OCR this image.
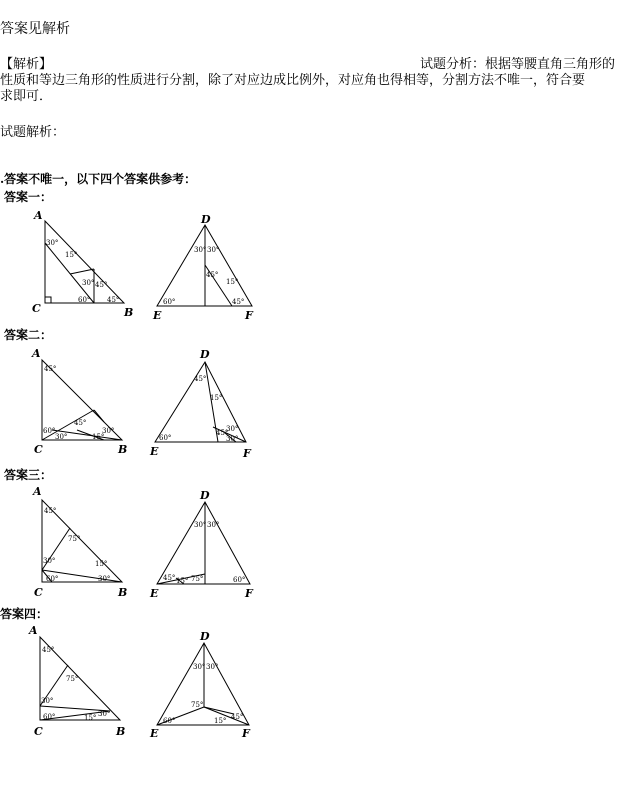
答案见解析
【解析】	试题分析：根据等腰直角三角形的
性质和等边三角形的性质进行分割，除了对应边成比例外，对应角也得相等，分割方法不唯一，符合要
求即可．
试题解析：
.答案不唯一，以下四个答案供参考：
答案一：
A
B
C
30°
15°
30° 45°
60° 45°
D
E	F
30° 30°
45°
15°
60°	45°
答案二：
A
B
C
45°
45°
30°
60°
30°	15°
D
E	F
45°
15°
30°
45°
30°
60°
答案三：
A
B
C
45°
75°
30°	15°
60°	30°
D
E	F
30° 30°
45° 75°
15°	60°
答案四：
A
B
C
45°
75°
30°
60°	30°
15°
D
E	F
30° 30°
75°
45°
60°	15°
